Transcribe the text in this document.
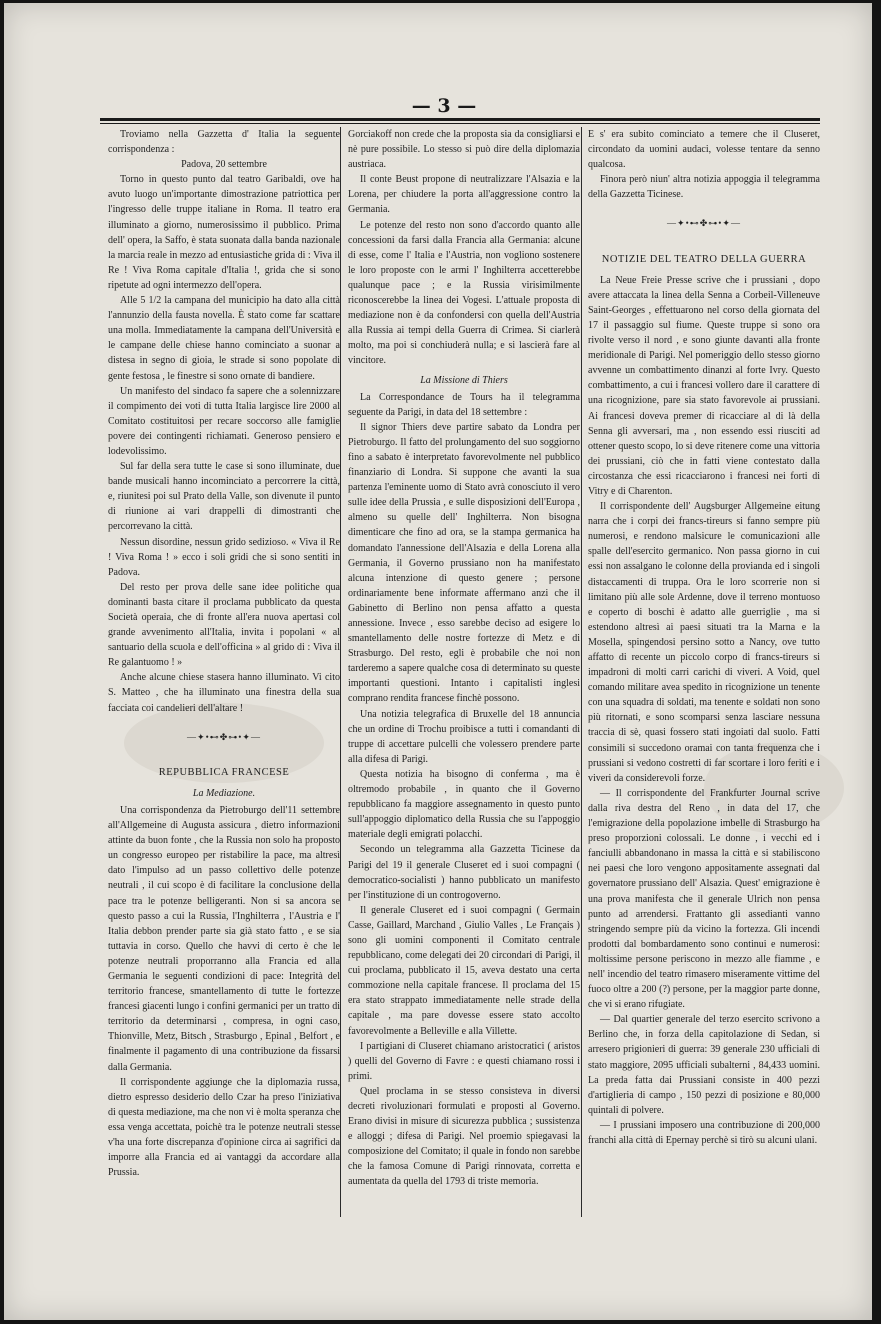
— 3 —

Troviamo nella Gazzetta d' Italia la seguente corrispondenza :

Padova, 20 settembre

Torno in questo punto dal teatro Garibaldi, ove ha avuto luogo un'importante dimostrazione patriottica per l'ingresso delle truppe italiane in Roma. Il teatro era illuminato a giorno, numerosissimo il pubblico. Prima dell' opera, la Saffo, è stata suonata dalla banda nazionale la marcia reale in mezzo ad entusiastiche grida di : Viva il Re ! Viva Roma capitale d'Italia !, grida che si sono ripetute ad ogni intermezzo dell'opera.

Alle 5 1/2 la campana del municipio ha dato alla città l'annunzio della fausta novella. È stato come far scattare una molla. Immediatamente la campana dell'Università e le campane delle chiese hanno cominciato a suonar a distesa in segno di gioia, le strade si sono popolate di gente festosa , le finestre si sono ornate di bandiere.

Un manifesto del sindaco fa sapere che a solennizzare il compimento dei voti di tutta Italia largisce lire 2000 al Comitato costituitosi per recare soccorso alle famiglie povere dei contingenti richiamati. Generoso pensiero e lodevolissimo.

Sul far della sera tutte le case si sono illuminate, due bande musicali hanno incominciato a percorrere la città, e, riunitesi poi sul Prato della Valle, son divenute il punto di riunione ai vari drappelli di dimostranti che percorrevano la città.

Nessun disordine, nessun grido sedizioso. « Viva il Re ! Viva Roma ! » ecco i soli gridi che si sono sentiti in Padova.

Del resto per prova delle sane idee politiche qua dominanti basta citare il proclama pubblicato da questa Società operaia, che di fronte all'era nuova apertasi col grande avvenimento all'Italia, invita i popolani « al santuario della scuola e dell'officina » al grido di : Viva il Re galantuomo ! »

Anche alcune chiese stasera hanno illuminato. Vi cito S. Matteo , che ha illuminato una finestra della sua facciata coi candelieri dell'altare !

—✦•⊷✤⊶•✦—

REPUBBLICA FRANCESE

La Mediazione.

Una corrispondenza da Pietroburgo dell'11 settembre all'Allgemeine di Augusta assicura , dietro informazioni attinte da buon fonte , che la Russia non solo ha proposto un congresso europeo per ristabilire la pace, ma altresì dato l'impulso ad un passo collettivo delle potenze neutrali , il cui scopo è di facilitare la conclusione della pace tra le potenze belligeranti. Non si sa ancora se questo passo a cui la Russia, l'Inghilterra , l'Austria e l' Italia debbon prender parte sia già stato fatto , e se sia tuttavia in corso. Quello che havvi di certo è che le potenze neutrali proporranno alla Francia ed alla Germania le seguenti condizioni di pace: Integrità del territorio francese, smantellamento di tutte le fortezze francesi giacenti lungo i confini germanici per un tratto di territorio da determinarsi , compresa, in ogni caso, Thionville, Metz, Bitsch , Strasburgo , Epinal , Belfort , e finalmente il pagamento di una contribuzione da fissarsi dalla Germania.

Il corrispondente aggiunge che la diplomazia russa, dietro espresso desiderio dello Czar ha preso l'iniziativa di questa mediazione, ma che non vi è molta speranza che essa venga accettata, poichè tra le potenze neutrali stesse v'ha una forte discrepanza d'opinione circa ai sagrifici da imporre alla Francia ed ai vantaggi da accordare alla Prussia.

Gorciakoff non crede che la proposta sia da consigliarsi e nè pure possibile. Lo stesso si può dire della diplomazia austriaca.

Il conte Beust propone di neutralizzare l'Alsazia e la Lorena, per chiudere la porta all'aggressione contro la Germania.

Le potenze del resto non sono d'accordo quanto alle concessioni da farsi dalla Francia alla Germania: alcune di esse, come l' Italia e l'Austria, non vogliono sostenere le loro proposte con le armi l' Inghilterra accetterebbe qualunque pace ; e la Russia virisimilmente riconoscerebbe la linea dei Vogesi. L'attuale proposta di mediazione non è da confondersi con quella dell'Austria alla Russia ai tempi della Guerra di Crimea. Si ciarlerà molto, ma poi si conchiuderà nulla; e si lascierà fare al vincitore.

La Missione di Thiers

La Correspondance de Tours ha il telegramma seguente da Parigi, in data del 18 settembre :

Il signor Thiers deve partire sabato da Londra per Pietroburgo. Il fatto del prolungamento del suo soggiorno fino a sabato è interpretato favorevolmente nel pubblico finanziario di Londra. Si suppone che avanti la sua partenza l'eminente uomo di Stato avrà conosciuto il vero sulle idee della Prussia , e sulle disposizioni dell'Europa , almeno su quelle dell' Inghilterra. Non bisogna dimenticare che fino ad ora, se la stampa germanica ha domandato l'annessione dell'Alsazia e della Lorena alla Germania, il Governo prussiano non ha manifestato alcuna intenzione di questo genere ; persone ordinariamente bene informate affermano anzi che il Gabinetto di Berlino non pensa affatto a questa annessione. Invece , esso sarebbe deciso ad esigere lo smantellamento delle nostre fortezze di Metz e di Strasburgo. Del resto, egli è probabile che noi non tarderemo a sapere qualche cosa di determinato su queste importanti questioni. Intanto i capitalisti inglesi comprano rendita francese finchè possono.

Una notizia telegrafica di Bruxelle del 18 annuncia che un ordine di Trochu proibisce a tutti i comandanti di truppe di accettare pulcelli che volessero prendere parte alla difesa di Parigi.

Questa notizia ha bisogno di conferma , ma è oltremodo probabile , in quanto che il Governo repubblicano fa maggiore assegnamento in questo punto sull'appoggio diplomatico della Russia che su l'appoggio materiale degli emigrati polacchi.

Secondo un telegramma alla Gazzetta Ticinese da Parigi del 19 il generale Cluseret ed i suoi compagni ( democratico-socialisti ) hanno pubblicato un manifesto per l'instituzione di un controgoverno.

Il generale Cluseret ed i suoi compagni ( Germain Casse, Gaillard, Marchand , Giulio Valles , Le Français ) sono gli uomini componenti il Comitato centrale repubblicano, come delegati dei 20 circondari di Parigi, il cui proclama, pubblicato il 15, aveva destato una certa commozione nella capitale francese. Il proclama del 15 era stato strappato immediatamente nelle strade della capitale , ma pare dovesse essere stato accolto favorevolmente a Belleville e alla Villette.

I partigiani di Cluseret chiamano aristocratici ( aristos ) quelli del Governo di Favre : e questi chiamano rossi i primi.

Quel proclama in se stesso consisteva in diversi decreti rivoluzionari formulati e proposti al Governo. Erano divisi in misure di sicurezza pubblica ; sussistenza e alloggi ; difesa di Parigi. Nel proemio spiegavasi la composizione del Comitato; il quale in fondo non sarebbe che la famosa Comune di Parigi rinnovata, corretta e aumentata da quella del 1793 di triste memoria.

E s' era subito cominciato a temere che il Cluseret, circondato da uomini audaci, volesse tentare da senno qualcosa.

Finora però niun' altra notizia appoggia il telegramma della Gazzetta Ticinese.

—✦•⊷✤⊶•✦—

NOTIZIE DEL TEATRO DELLA GUERRA

La Neue Freie Presse scrive che i prussiani , dopo avere attaccata la linea della Senna a Corbeil-Villeneuve Saint-Georges , effettuarono nel corso della giornata del 17 il passaggio sul fiume. Queste truppe si sono ora rivolte verso il nord , e sono giunte davanti alla fronte meridionale di Parigi. Nel pomeriggio dello stesso giorno avvenne un combattimento dinanzi al forte Ivry. Questo combattimento, a cui i francesi vollero dare il carattere di una ricognizione, pare sia stato favorevole ai prussiani. Ai francesi doveva premer di ricacciare al di là della Senna gli avversari, ma , non essendo essi riusciti ad ottener questo scopo, lo si deve ritenere come una vittoria dei prussiani, ciò che in fatti viene contestato dalla circostanza che essi ricacciarono i francesi nei forti di Vitry e di Charenton.

Il corrispondente dell' Augsburger Allgemeine eitung narra che i corpi dei francs-tireurs si fanno sempre più numerosi, e rendono malsicure le comunicazioni alle spalle dell'esercito germanico. Non passa giorno in cui essi non assalgano le colonne della provianda ed i singoli distaccamenti di truppa. Ora le loro scorrerie non si limitano più alle sole Ardenne, dove il terreno montuoso e coperto di boschi è adatto alle guerriglie , ma si estendono altresì ai paesi situati tra la Marna e la Mosella, spingendosi persino sotto a Nancy, ove tutto affatto di recente un piccolo corpo di francs-tireurs si impadronì di molti carri carichi di viveri. A Void, quel comando militare avea spedito in ricognizione un tenente con una squadra di soldati, ma tenente e soldati non sono più ritornati, e sono scomparsi senza lasciare nessuna traccia di sè, quasi fossero stati ingoiati dal suolo. Fatti consimili si succedono oramai con tanta frequenza che i prussiani si vedono costretti di far scortare i loro feriti e i viveri da considerevoli forze.

— Il corrispondente del Frankfurter Journal scrive dalla riva destra del Reno , in data del 17, che l'emigrazione della popolazione imbelle di Strasburgo ha preso proporzioni colossali. Le donne , i vecchi ed i fanciulli abbandonano in massa la città e si stabiliscono nei paesi che loro vengono appositamente assegnati dal governatore prussiano dell' Alsazia. Quest' emigrazione è una prova manifesta che il generale Ulrich non pensa punto ad arrendersi. Frattanto gli assedianti vanno stringendo sempre più da vicino la fortezza. Gli incendi prodotti dal bombardamento sono continui e numerosi: moltissime persone periscono in mezzo alle fiamme , e nell' incendio del teatro rimasero miseramente vittime del fuoco oltre a 200 (?) persone, per la maggior parte donne, che vi si erano rifugiate.

— Dal quartier generale del terzo esercito scrivono a Berlino che, in forza della capitolazione di Sedan, si arresero prigionieri di guerra: 39 generale 230 ufficiali di stato maggiore, 2095 ufficiali subalterni , 84,433 uomini. La preda fatta dai Prussiani consiste in 400 pezzi d'artiglieria di campo , 150 pezzi di posizione e 80,000 quintali di polvere.

— I prussiani imposero una contribuzione di 200,000 franchi alla città di Epernay perchè si tirò su alcuni ulani.
